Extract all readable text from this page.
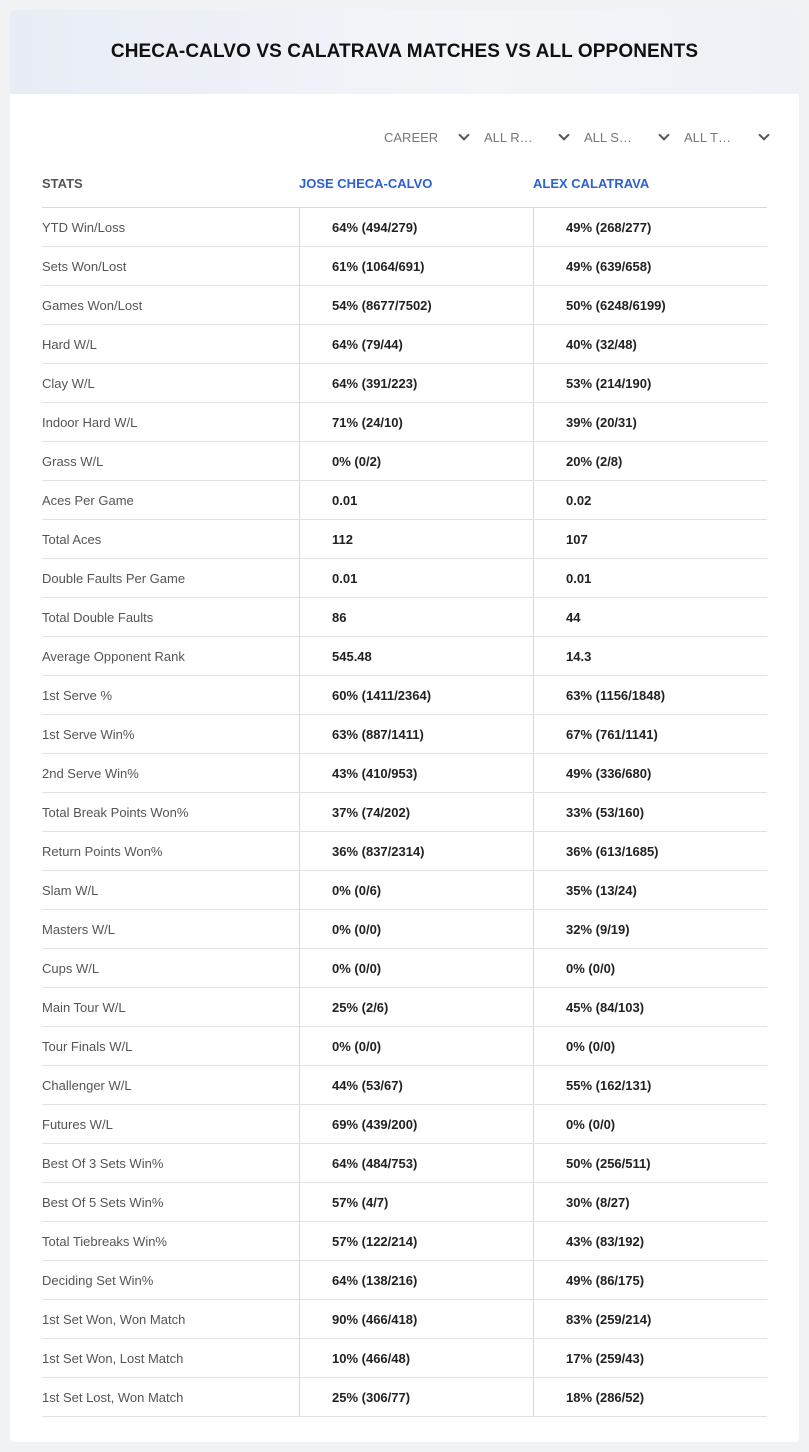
CHECA-CALVO VS CALATRAVA MATCHES VS ALL OPPONENTS
CAREER	ALL R…	ALL S…	ALL T…
STATS	JOSE CHECA-CALVO	ALEX CALATRAVA
YTD Win/Loss	64% (494/279)	49% (268/277)
Sets Won/Lost	61% (1064/691)	49% (639/658)
Games Won/Lost	54% (8677/7502)	50% (6248/6199)
Hard W/L	64% (79/44)	40% (32/48)
Clay W/L	64% (391/223)	53% (214/190)
Indoor Hard W/L	71% (24/10)	39% (20/31)
Grass W/L	0% (0/2)	20% (2/8)
Aces Per Game	0.01	0.02
Total Aces	112	107
Double Faults Per Game	0.01	0.01
Total Double Faults	86	44
Average Opponent Rank	545.48	14.3
1st Serve %	60% (1411/2364)	63% (1156/1848)
1st Serve Win%	63% (887/1411)	67% (761/1141)
2nd Serve Win%	43% (410/953)	49% (336/680)
Total Break Points Won%	37% (74/202)	33% (53/160)
Return Points Won%	36% (837/2314)	36% (613/1685)
Slam W/L	0% (0/6)	35% (13/24)
Masters W/L	0% (0/0)	32% (9/19)
Cups W/L	0% (0/0)	0% (0/0)
Main Tour W/L	25% (2/6)	45% (84/103)
Tour Finals W/L	0% (0/0)	0% (0/0)
Challenger W/L	44% (53/67)	55% (162/131)
Futures W/L	69% (439/200)	0% (0/0)
Best Of 3 Sets Win%	64% (484/753)	50% (256/511)
Best Of 5 Sets Win%	57% (4/7)	30% (8/27)
Total Tiebreaks Win%	57% (122/214)	43% (83/192)
Deciding Set Win%	64% (138/216)	49% (86/175)
1st Set Won, Won Match	90% (466/418)	83% (259/214)
1st Set Won, Lost Match	10% (466/48)	17% (259/43)
1st Set Lost, Won Match	25% (306/77)	18% (286/52)
